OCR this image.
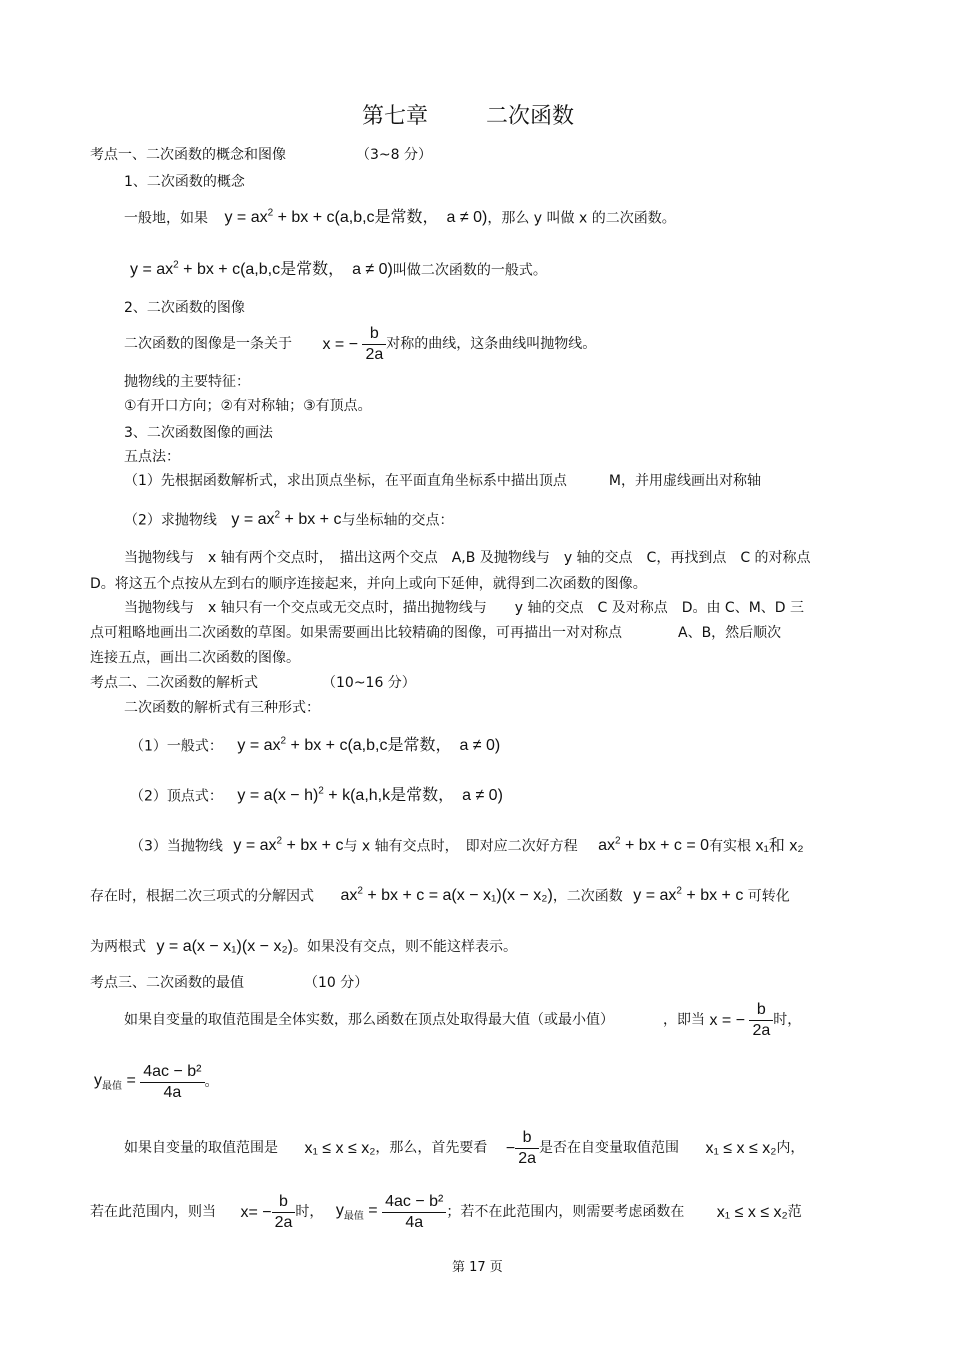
第七章	二次函数
考点一、二次函数的概念和图像	（3~8 分）
1、二次函数的概念
一般地，如果 $y = ax^2$ + bx + c(a,b,c是常数，　a ≠ 0)，那么 y 叫做 x 的二次函数。
$y = ax^2$ + bx + c(a,b,c是常数，　a ≠ 0)叫做二次函数的一般式。
2、二次函数的图像
二次函数的图像是一条关于 x = − $\frac{b}{2a}$ 对称的曲线，这条曲线叫抛物线。
抛物线的主要特征：
①有开口方向；②有对称轴；③有顶点。
3、二次函数图像的画法
五点法：
（1）先根据函数解析式，求出顶点坐标，在平面直角坐标系中描出顶点　　　M，并用虚线画出对称轴
（2）求抛物线 $y = ax^2$ + bx + c与坐标轴的交点：
当抛物线与　x 轴有两个交点时，　描出这两个交点　A,B 及抛物线与　y 轴的交点　C，再找到点　C 的对称点
D。将这五个点按从左到右的顺序连接起来，并向上或向下延伸，就得到二次函数的图像。
当抛物线与　x 轴只有一个交点或无交点时，描出抛物线与　　y 轴的交点　C 及对称点　D。由 C、M、D 三
点可粗略地画出二次函数的草图。如果需要画出比较精确的图像，可再描出一对对称点　　　　A、B，然后顺次
连接五点，画出二次函数的图像。
考点二、二次函数的解析式	（10~16 分）
二次函数的解析式有三种形式：
（1）一般式： $y = ax^2$ + bx + c(a,b,c是常数，　a ≠ 0)
（2）顶点式： $y = a(x - h)^2 + k(a,h,k$是常数，　a ≠ 0)
（3）当抛物线 $y = ax^2$ + bx + c与 x 轴有交点时，　即对应二次好方程 $ax^2$ + bx + c = 0有实根 x₁和 x₂
存在时，根据二次三项式的分解因式 $ax^2$ + bx + c = a(x − x₁)(x − x₂)，二次函数 $y = ax^2$ + bx + c 可转化
为两根式 y = a(x − x₁)(x − x₂)。如果没有交点，则不能这样表示。
考点三、二次函数的最值	（10 分）
如果自变量的取值范围是全体实数，那么函数在顶点处取得最大值（或最小值）　　　　，即当 x = − $\frac{b}{2a}$ 时，
$y_{最值} = \frac{\text{4ac − b²}}{4a}$ 。
如果自变量的取值范围是 x₁ ≤ x ≤ x₂，那么，首先要看 − $\frac{b}{2a}$ 是否在自变量取值范围 x₁ ≤ x ≤ x₂内，
若在此范围内，则当 $x= - \frac{b}{2a}$ 时， $y_{最值} = \frac{\text{4ac − b²}}{4a}$ ；若不在此范围内，则需要考虑函数在 x₁ ≤ x ≤ x₂范
第 17 页
